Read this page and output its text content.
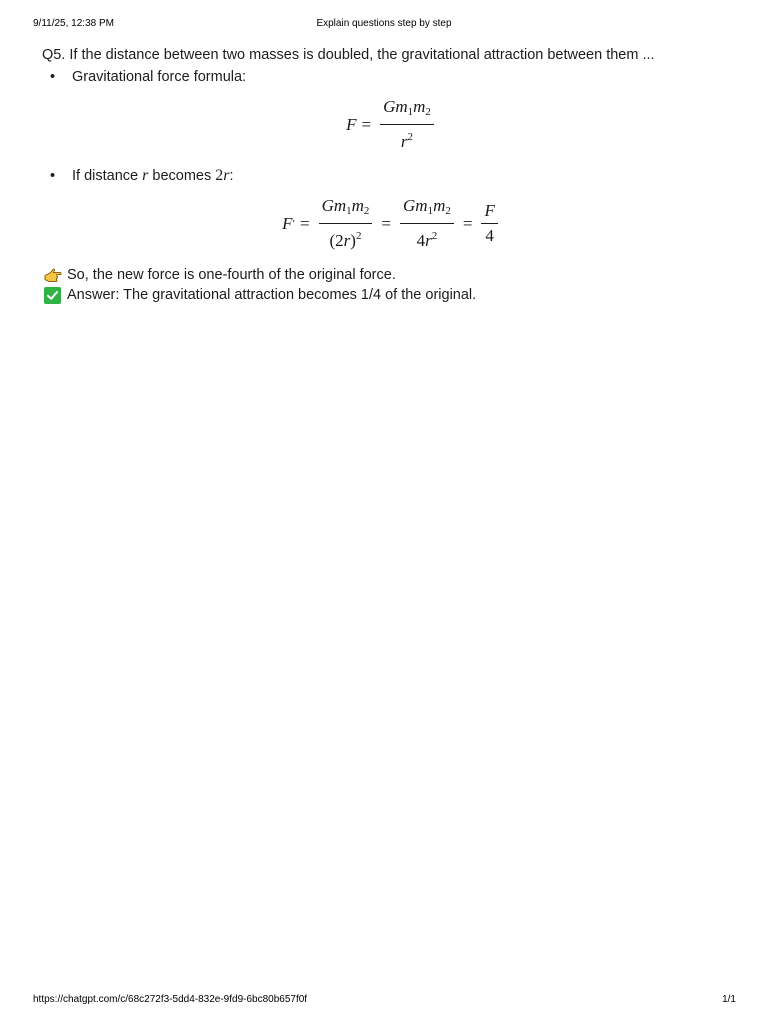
9/11/25, 12:38 PM	Explain questions step by step

Q5. If the distance between two masses is doubled, the gravitational attraction between them ...

• Gravitational force formula:
$F = \frac{Gm_1m_2}{r^2}$
• If distance r becomes 2r:
F ′ = $\frac{Gm_1m_2}{(2r)^2} = \frac{Gm_1m_2}{4r^2} = \frac{F}{4}$

So, the new force is one-fourth of the original force.

Answer: The gravitational attraction becomes 1/4 of the original.

https://chatgpt.com/c/68c272f3-5dd4-832e-9fd9-6bc80b657f0f	1/1
